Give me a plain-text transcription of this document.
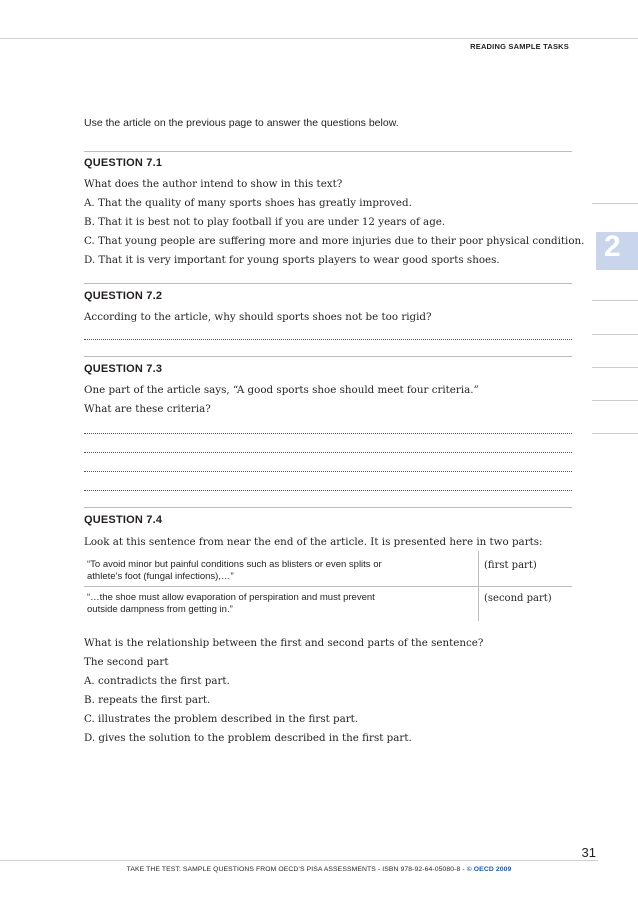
READING SAMPLE TASKS
Use the article on the previous page to answer the questions below.
QUESTION 7.1
What does the author intend to show in this text?
A. That the quality of many sports shoes has greatly improved.
B. That it is best not to play football if you are under 12 years of age.
C. That young people are suffering more and more injuries due to their poor physical condition.
D. That it is very important for young sports players to wear good sports shoes.
QUESTION 7.2
According to the article, why should sports shoes not be too rigid?
QUESTION 7.3
One part of the article says, “A good sports shoe should meet four criteria.”
What are these criteria?
QUESTION 7.4
Look at this sentence from near the end of the article. It is presented here in two parts:
“To avoid minor but painful conditions such as blisters or even splits or
athlete’s foot (fungal infections),…”
(first part)
“…the shoe must allow evaporation of perspiration and must prevent
outside dampness from getting in.”
(second part)
What is the relationship between the first and second parts of the sentence?
The second part
A. contradicts the first part.
B. repeats the first part.
C. illustrates the problem described in the first part.
D. gives the solution to the problem described in the first part.
2
31
TAKE THE TEST: SAMPLE QUESTIONS FROM OECD’S PISA ASSESSMENTS - ISBN 978-92-64-05080-8 - © OECD 2009
